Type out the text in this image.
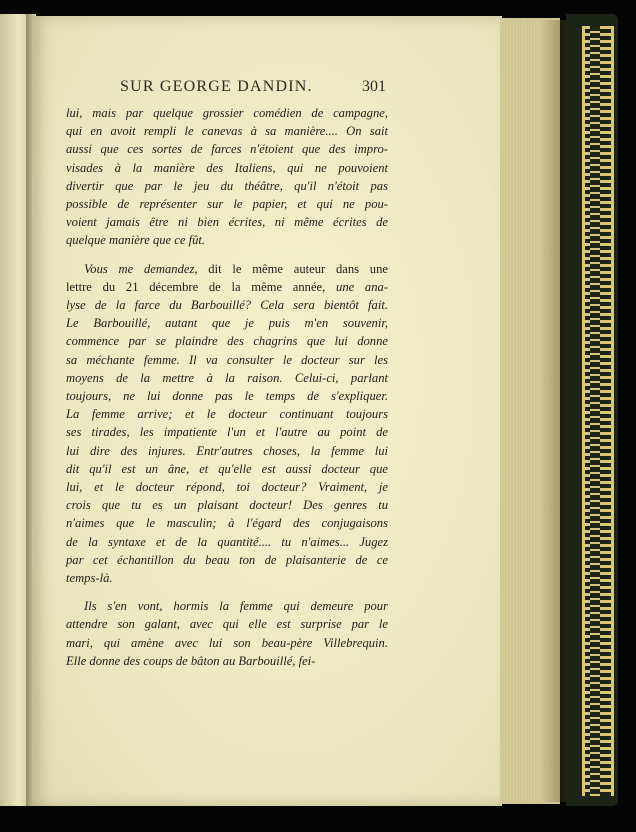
SUR GEORGE DANDIN.	301
lui, mais par quelque grossier comédien de campagne,
qui en avoit rempli le canevas à sa manière.... On sait
aussi que ces sortes de farces n'étoient que des impro-
visades à la manière des Italiens, qui ne pouvoient
divertir que par le jeu du théâtre, qu'il n'étoit pas
possible de représenter sur le papier, et qui ne pou-
voient jamais être ni bien écrites, ni même écrites de
quelque manière que ce fût.
Vous me demandez, dit le même auteur dans une
lettre du 21 décembre de la même année, une ana-
lyse de la farce du Barbouillé? Cela sera bientôt fait.
Le Barbouillé, autant que je puis m'en souvenir,
commence par se plaindre des chagrins que lui donne
sa méchante femme. Il va consulter le docteur sur les
moyens de la mettre à la raison. Celui-ci, parlant
toujours, ne lui donne pas le temps de s'expliquer.
La femme arrive; et le docteur continuant toujours
ses tirades, les impatiente l'un et l'autre au point de
lui dire des injures. Entr'autres choses, la femme lui
dit qu'il est un âne, et qu'elle est aussi docteur que
lui, et le docteur répond, toi docteur? Vraiment, je
crois que tu es un plaisant docteur! Des genres tu
n'aimes que le masculin; à l'égard des conjugaisons
de la syntaxe et de la quantité.... tu n'aimes... Jugez
par cet échantillon du beau ton de plaisanterie de ce
temps-là.
Ils s'en vont, hormis la femme qui demeure pour
attendre son galant, avec qui elle est surprise par le
mari, qui amène avec lui son beau-père Villebrequin.
Elle donne des coups de bâton au Barbouillé, fei-
